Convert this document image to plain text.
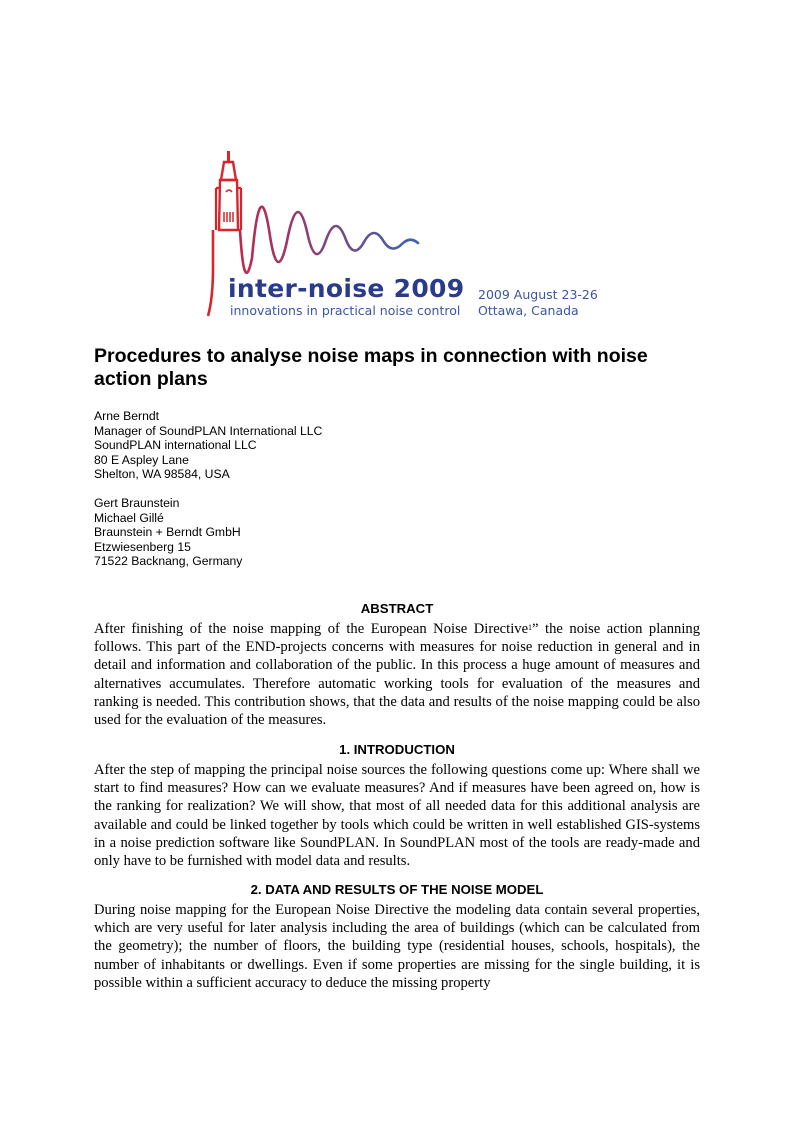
inter-noise 2009
innovations in practical noise control
2009 August 23-26
Ottawa, Canada
Procedures to analyse noise maps in connection with noise action plans
Arne Berndt
Manager of SoundPLAN International LLC
SoundPLAN international LLC
80 E Aspley Lane
Shelton, WA 98584, USA
Gert Braunstein
Michael Gillé
Braunstein + Berndt GmbH
Etzwiesenberg 15
71522 Backnang, Germany
ABSTRACT

After finishing of the noise mapping of the European Noise Directive$^1$” the noise action planning follows. This part of the END-projects concerns with measures for noise reduction in general and in detail and information and collaboration of the public. In this process a huge amount of measures and alternatives accumulates. Therefore automatic working tools for evaluation of the measures and ranking is needed. This contribution shows, that the data and results of the noise mapping could be also used for the evaluation of the measures.

1. INTRODUCTION

After the step of mapping the principal noise sources the following questions come up: Where shall we start to find measures? How can we evaluate measures? And if measures have been agreed on, how is the ranking for realization? We will show, that most of all needed data for this additional analysis are available and could be linked together by tools which could be written in well established GIS-systems in a noise prediction software like SoundPLAN. In SoundPLAN most of the tools are ready-made and only have to be furnished with model data and results.

2. DATA AND RESULTS OF THE NOISE MODEL

During noise mapping for the European Noise Directive the modeling data contain several properties, which are very useful for later analysis including the area of buildings (which can be calculated from the geometry); the number of floors, the building type (residential houses, schools, hospitals), the number of inhabitants or dwellings. Even if some properties are missing for the single building, it is possible within a sufficient accuracy to deduce the missing property
